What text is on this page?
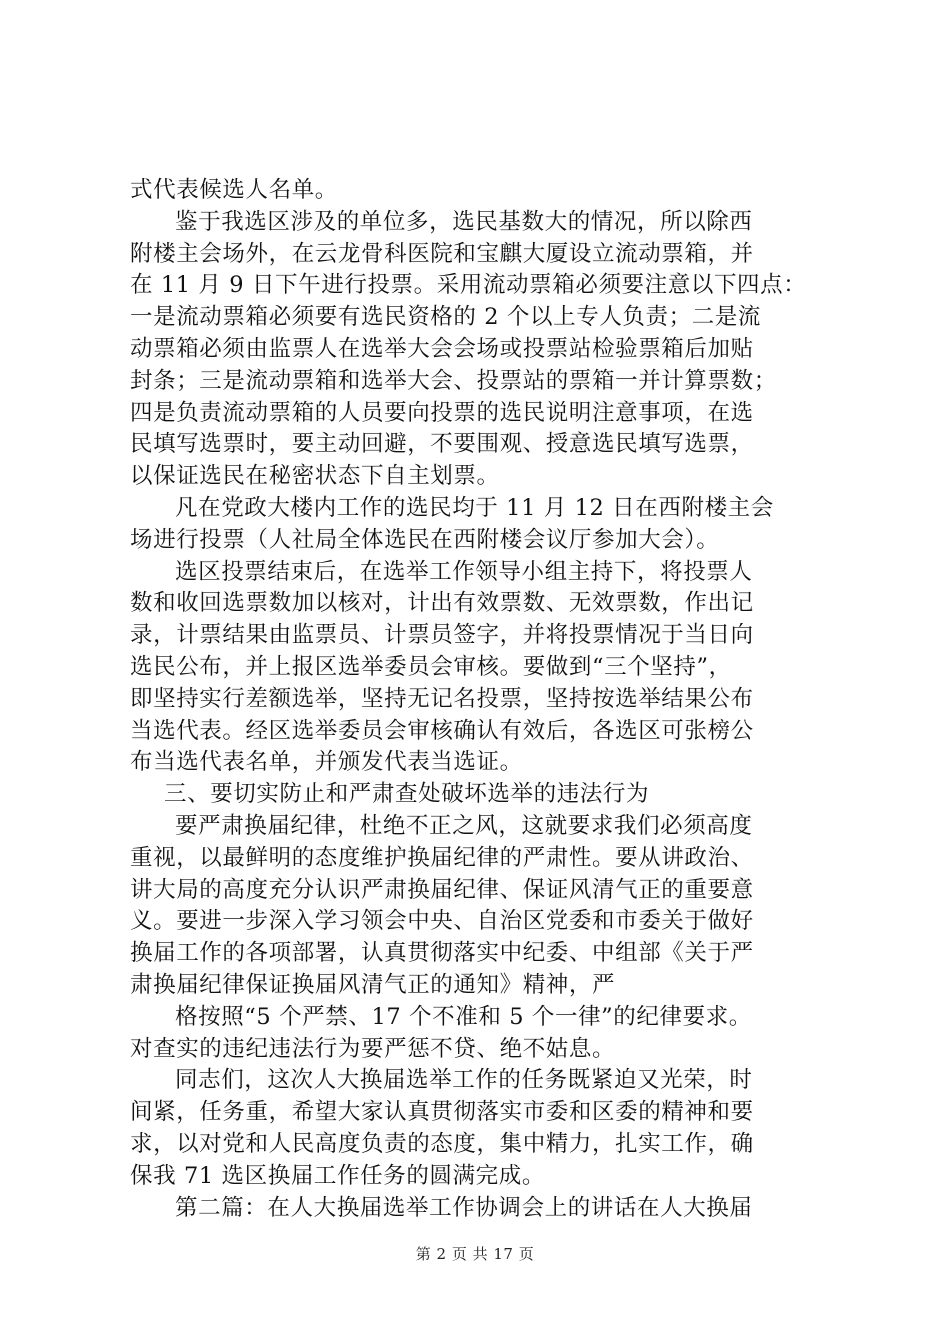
式代表候选人名单。
鉴于我选区涉及的单位多，选民基数大的情况，所以除西
附楼主会场外，在云龙骨科医院和宝麒大厦设立流动票箱，并
在 11 月 9 日下午进行投票。采用流动票箱必须要注意以下四点：
一是流动票箱必须要有选民资格的 2 个以上专人负责；二是流
动票箱必须由监票人在选举大会会场或投票站检验票箱后加贴
封条；三是流动票箱和选举大会、投票站的票箱一并计算票数；
四是负责流动票箱的人员要向投票的选民说明注意事项，在选
民填写选票时，要主动回避，不要围观、授意选民填写选票，
以保证选民在秘密状态下自主划票。
凡在党政大楼内工作的选民均于 11 月 12 日在西附楼主会
场进行投票（人社局全体选民在西附楼会议厅参加大会）。
选区投票结束后，在选举工作领导小组主持下，将投票人
数和收回选票数加以核对，计出有效票数、无效票数，作出记
录，计票结果由监票员、计票员签字，并将投票情况于当日向
选民公布，并上报区选举委员会审核。要做到“三个坚持”，
即坚持实行差额选举，坚持无记名投票，坚持按选举结果公布
当选代表。经区选举委员会审核确认有效后，各选区可张榜公
布当选代表名单，并颁发代表当选证。
三、要切实防止和严肃查处破坏选举的违法行为
要严肃换届纪律，杜绝不正之风，这就要求我们必须高度
重视，以最鲜明的态度维护换届纪律的严肃性。要从讲政治、
讲大局的高度充分认识严肃换届纪律、保证风清气正的重要意
义。要进一步深入学习领会中央、自治区党委和市委关于做好
换届工作的各项部署，认真贯彻落实中纪委、中组部《关于严
肃换届纪律保证换届风清气正的通知》精神，严
格按照“5 个严禁、17 个不准和 5 个一律”的纪律要求。
对查实的违纪违法行为要严惩不贷、绝不姑息。
同志们，这次人大换届选举工作的任务既紧迫又光荣，时
间紧，任务重，希望大家认真贯彻落实市委和区委的精神和要
求，以对党和人民高度负责的态度，集中精力，扎实工作，确
保我 71 选区换届工作任务的圆满完成。
第二篇：在人大换届选举工作协调会上的讲话在人大换届
第 2 页 共 17 页
